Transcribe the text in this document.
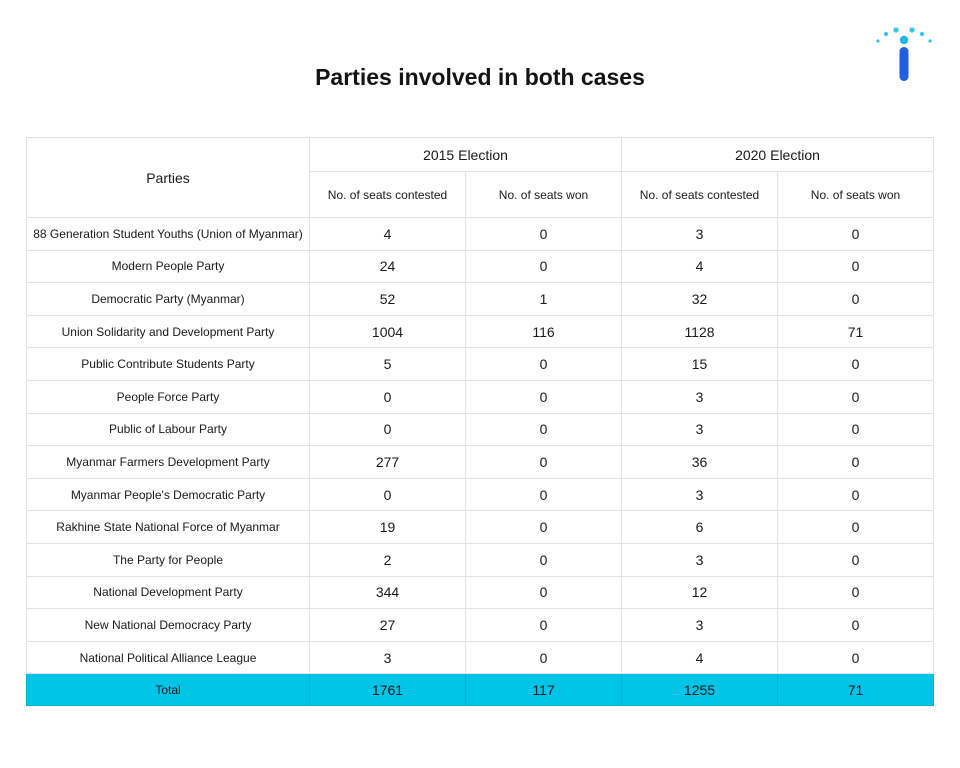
Parties involved in both cases
Parties	2015 Election		2020 Election	
	No. of seats contested	No. of seats won	No. of seats contested	No. of seats won
88 Generation Student Youths (Union of Myanmar)	4	0	3	0
Modern People Party	24	0	4	0
Democratic Party (Myanmar)	52	1	32	0
Union Solidarity and Development Party	1004	116	1128	71
Public Contribute Students Party	5	0	15	0
People Force Party	0	0	3	0
Public of Labour Party	0	0	3	0
Myanmar Farmers Development Party	277	0	36	0
Myanmar People's Democratic Party	0	0	3	0
Rakhine State National Force of Myanmar	19	0	6	0
The Party for People	2	0	3	0
National Development Party	344	0	12	0
New National Democracy Party	27	0	3	0
National Political Alliance League	3	0	4	0
Total	1761	117	1255	71
